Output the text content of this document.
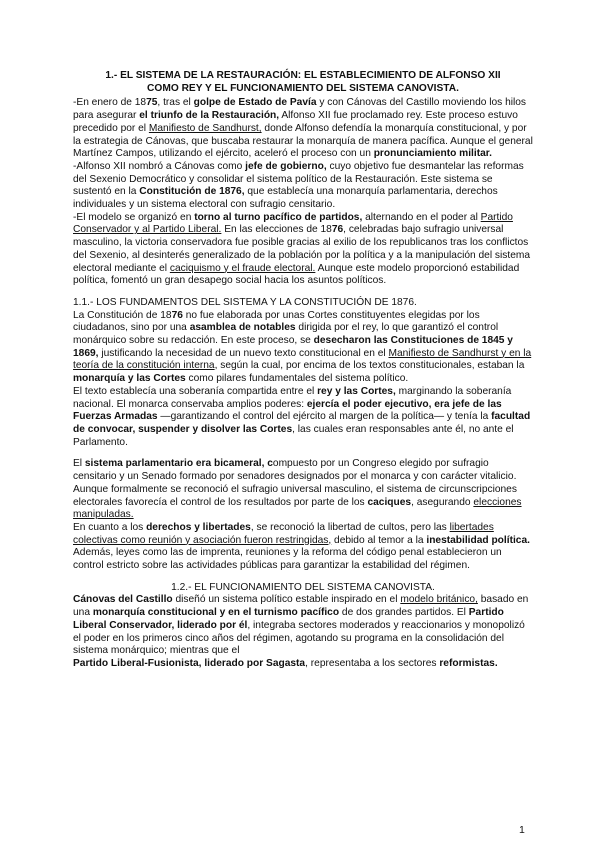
1.- EL SISTEMA DE LA RESTAURACIÓN: EL ESTABLECIMIENTO DE ALFONSO XII
COMO REY Y EL FUNCIONAMIENTO DEL SISTEMA CANOVISTA.

-En enero de 1875, tras el golpe de Estado de Pavía y con Cánovas del Castillo moviendo los hilos para asegurar el triunfo de la Restauración, Alfonso XII fue proclamado rey. Este proceso estuvo precedido por el Manifiesto de Sandhurst, donde Alfonso defendía la monarquía constitucional, y por la estrategia de Cánovas, que buscaba restaurar la monarquía de manera pacífica. Aunque el general Martínez Campos, utilizando el ejército, aceleró el proceso con un pronunciamiento militar.

-Alfonso XII nombró a Cánovas como jefe de gobierno, cuyo objetivo fue desmantelar las reformas del Sexenio Democrático y consolidar el sistema político de la Restauración. Este sistema se sustentó en la Constitución de 1876, que establecía una monarquía parlamentaria, derechos individuales y un sistema electoral con sufragio censitario.

-El modelo se organizó en torno al turno pacífico de partidos, alternando en el poder al Partido Conservador y al Partido Liberal. En las elecciones de 1876, celebradas bajo sufragio universal masculino, la victoria conservadora fue posible gracias al exilio de los republicanos tras los conflictos del Sexenio, al desinterés generalizado de la población por la política y a la manipulación del sistema electoral mediante el caciquismo y el fraude electoral. Aunque este modelo proporcionó estabilidad política, fomentó un gran desapego social hacia los asuntos políticos.

1.1.- LOS FUNDAMENTOS DEL SISTEMA Y LA CONSTITUCIÓN DE 1876.

La Constitución de 1876 no fue elaborada por unas Cortes constituyentes elegidas por los ciudadanos, sino por una asamblea de notables dirigida por el rey, lo que garantizó el control monárquico sobre su redacción. En este proceso, se desecharon las Constituciones de 1845 y 1869, justificando la necesidad de un nuevo texto constitucional en el Manifiesto de Sandhurst y en la teoría de la constitución interna, según la cual, por encima de los textos constitucionales, estaban la monarquía y las Cortes como pilares fundamentales del sistema político.

El texto establecía una soberanía compartida entre el rey y las Cortes, marginando la soberanía nacional. El monarca conservaba amplios poderes: ejercía el poder ejecutivo, era jefe de las Fuerzas Armadas —garantizando el control del ejército al margen de la política— y tenía la facultad de convocar, suspender y disolver las Cortes, las cuales eran responsables ante él, no ante el Parlamento.

El sistema parlamentario era bicameral, compuesto por un Congreso elegido por sufragio censitario y un Senado formado por senadores designados por el monarca y con carácter vitalicio. Aunque formalmente se reconoció el sufragio universal masculino, el sistema de circunscripciones electorales favorecía el control de los resultados por parte de los caciques, asegurando elecciones manipuladas.

En cuanto a los derechos y libertades, se reconoció la libertad de cultos, pero las libertades colectivas como reunión y asociación fueron restringidas, debido al temor a la inestabilidad política. Además, leyes como las de imprenta, reuniones y la reforma del código penal establecieron un control estricto sobre las actividades públicas para garantizar la estabilidad del régimen.

1.2.- EL FUNCIONAMIENTO DEL SISTEMA CANOVISTA.

Cánovas del Castillo diseñó un sistema político estable inspirado en el modelo británico, basado en una monarquía constitucional y en el turnismo pacífico de dos grandes partidos. El Partido Liberal Conservador, liderado por él, integraba sectores moderados y reaccionarios y monopolizó el poder en los primeros cinco años del régimen, agotando su programa en la consolidación del sistema monárquico; mientras que el

Partido Liberal-Fusionista, liderado por Sagasta, representaba a los sectores reformistas.

1
